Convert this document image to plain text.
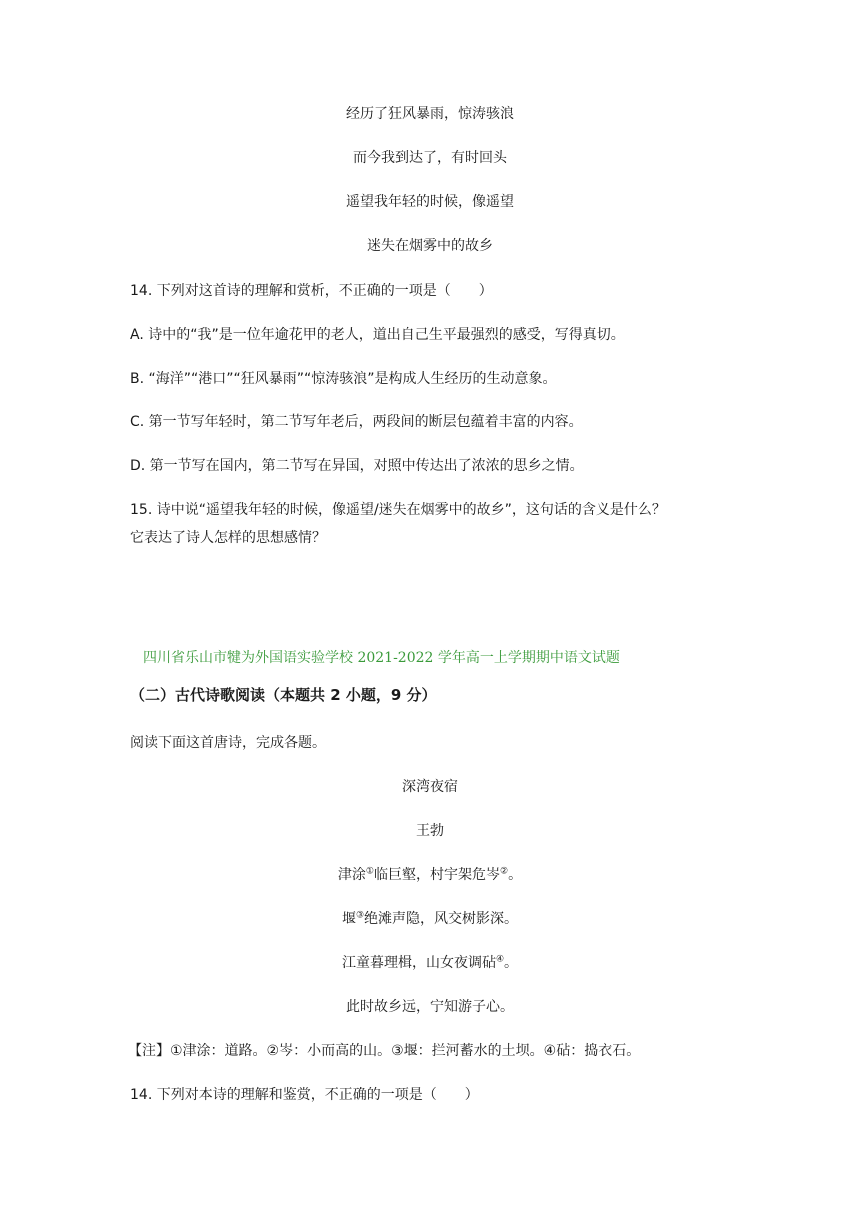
经历了狂风暴雨，惊涛骇浪
而今我到达了，有时回头
遥望我年轻的时候，像遥望
迷失在烟雾中的故乡
14. 下列对这首诗的理解和赏析，不正确的一项是（　　）
A. 诗中的“我”是一位年逾花甲的老人，道出自己生平最强烈的感受，写得真切。
B. “海洋”“港口”“狂风暴雨”“惊涛骇浪”是构成人生经历的生动意象。
C. 第一节写年轻时，第二节写年老后，两段间的断层包蕴着丰富的内容。
D. 第一节写在国内，第二节写在异国，对照中传达出了浓浓的思乡之情。
15. 诗中说“遥望我年轻的时候，像遥望/迷失在烟雾中的故乡”，这句话的含义是什么？
它表达了诗人怎样的思想感情？
四川省乐山市犍为外国语实验学校 2021-2022 学年高一上学期期中语文试题
（二）古代诗歌阅读（本题共 2 小题，9 分）
阅读下面这首唐诗，完成各题。
深湾夜宿
王勃
津涂①临巨壑，村宇架危岑②。
堰③绝滩声隐，风交树影深。
江童暮理楫，山女夜调砧④。
此时故乡远，宁知游子心。
【注】①津涂：道路。②岑：小而高的山。③堰：拦河蓄水的土坝。④砧：捣衣石。
14. 下列对本诗的理解和鉴赏，不正确的一项是（　　）
